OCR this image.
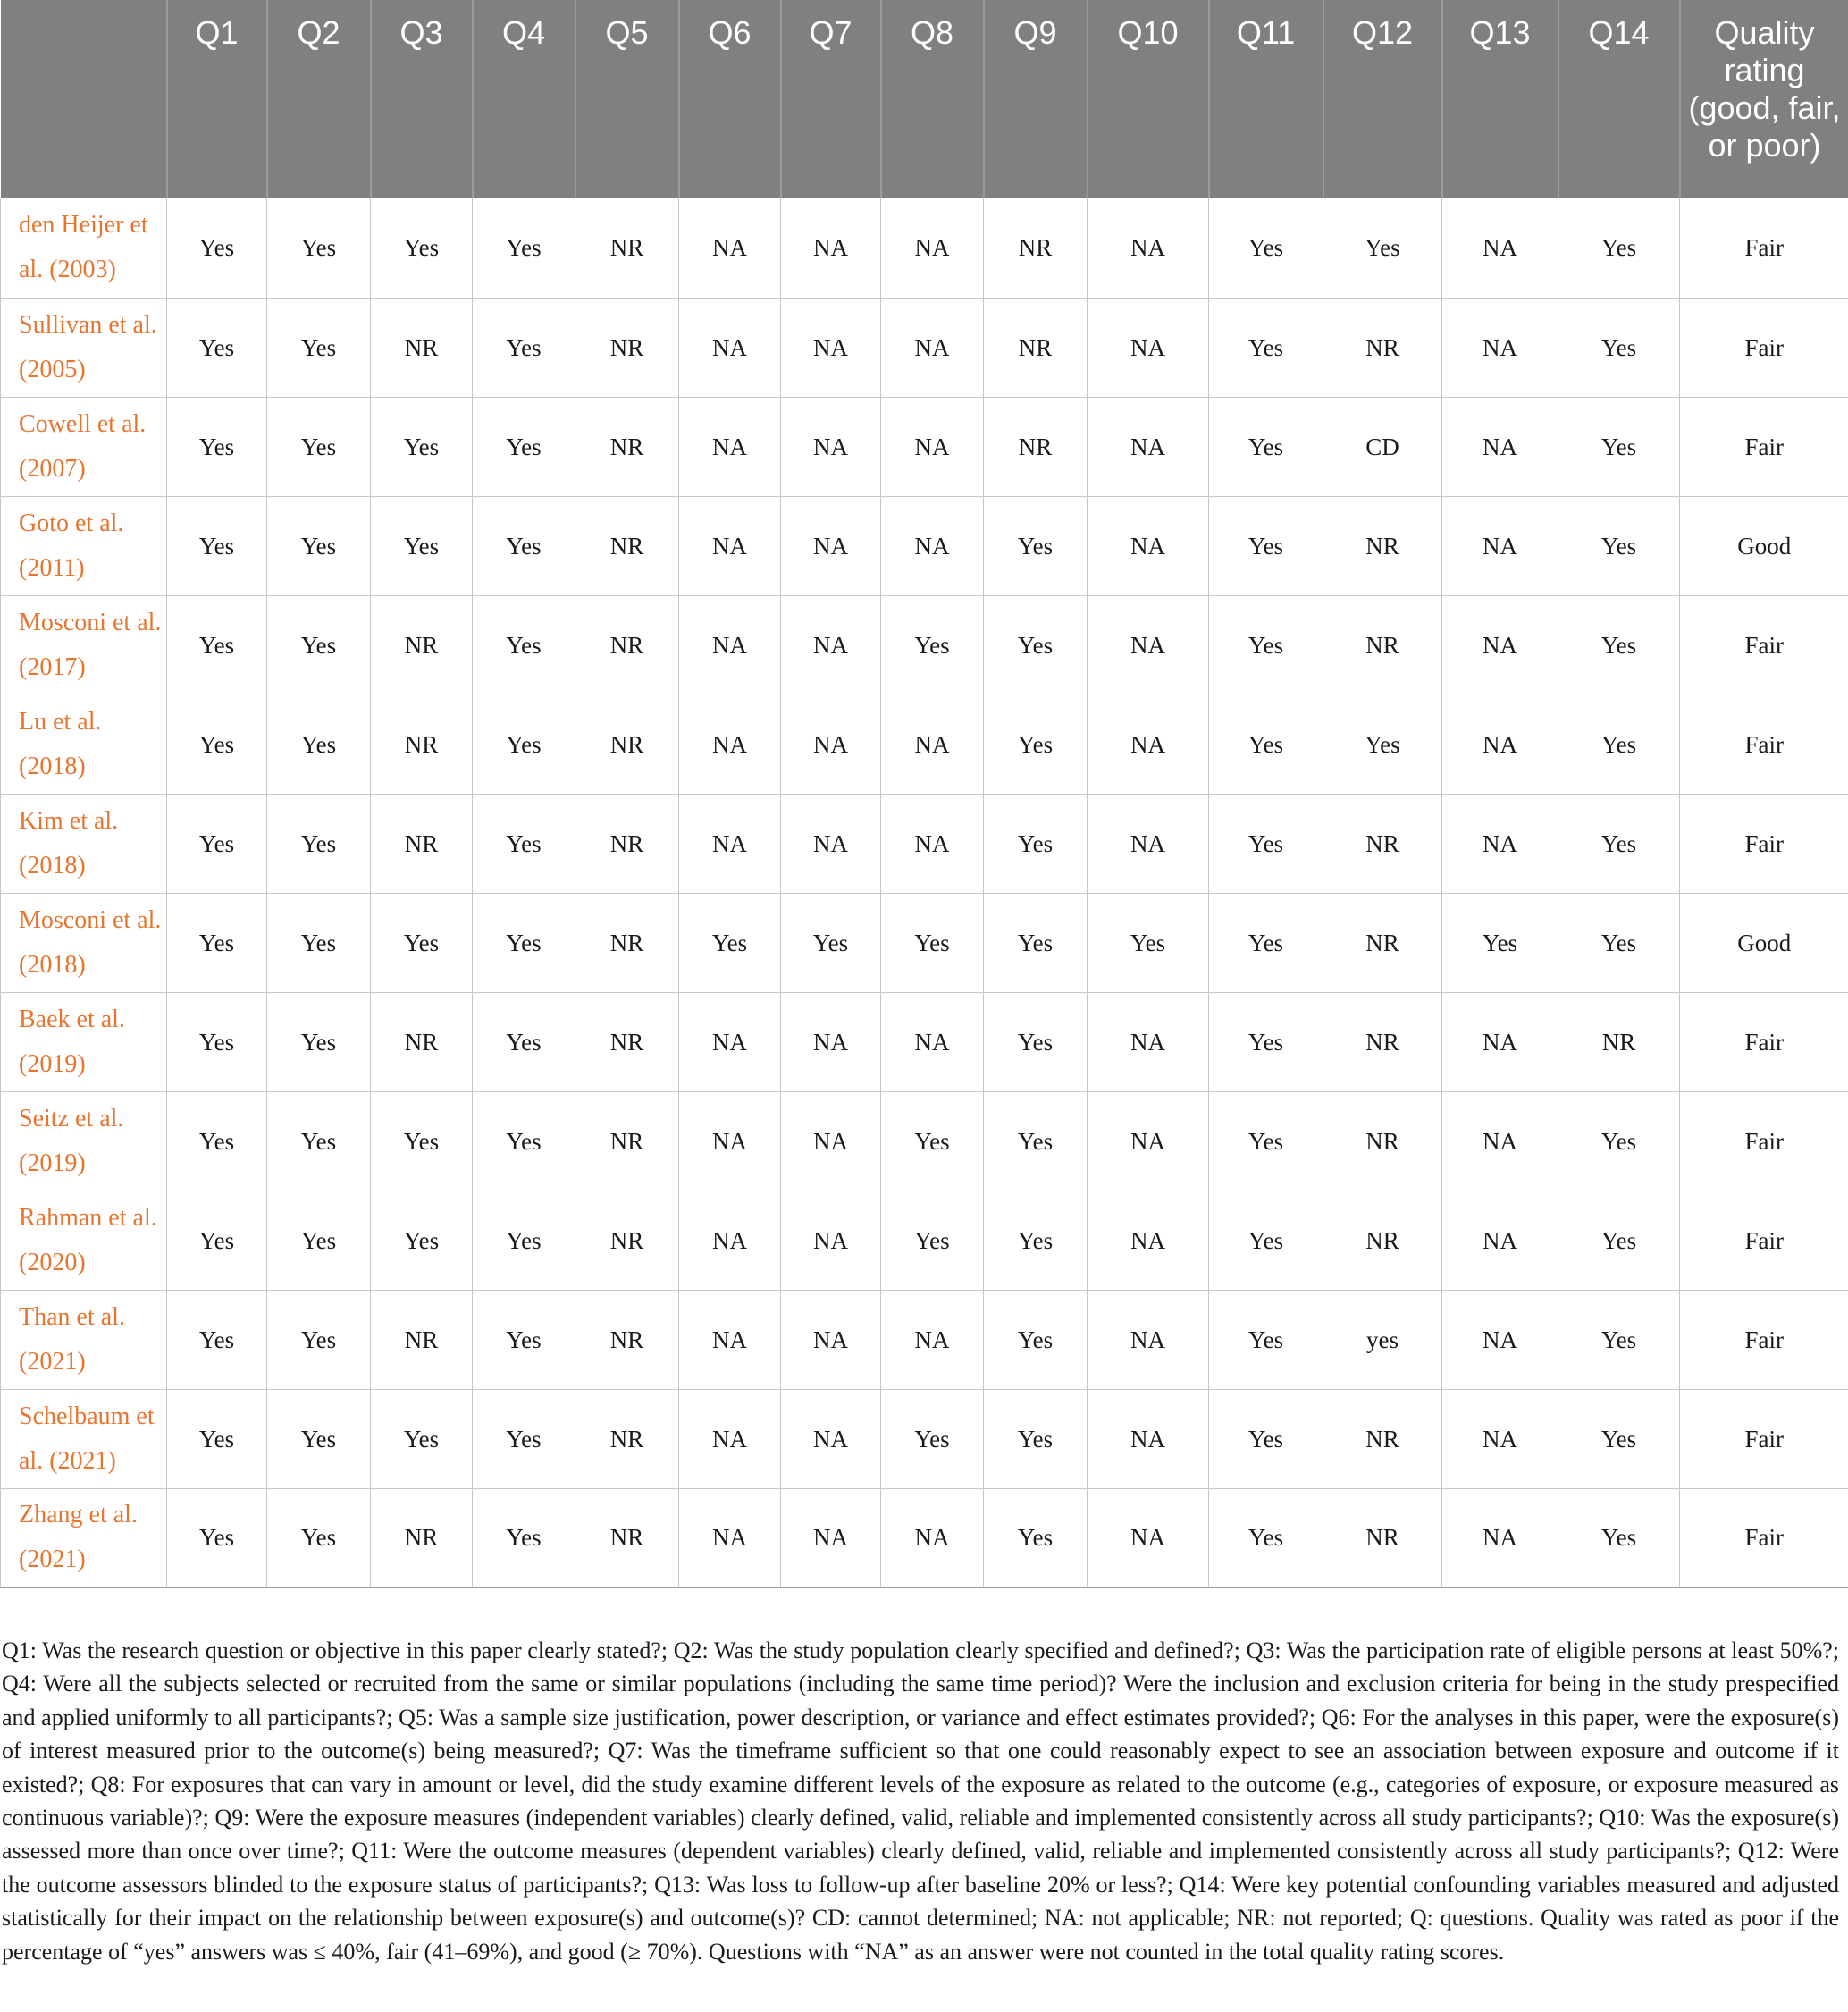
	Q1	Q2	Q3	Q4	Q5	Q6	Q7	Q8	Q9	Q10	Q11	Q12	Q13	Q14	Quality rating (good, fair, or poor)
den Heijer et al. (2003)	Yes	Yes	Yes	Yes	NR	NA	NA	NA	NR	NA	Yes	Yes	NA	Yes	Fair
Sullivan et al. (2005)	Yes	Yes	NR	Yes	NR	NA	NA	NA	NR	NA	Yes	NR	NA	Yes	Fair
Cowell et al. (2007)	Yes	Yes	Yes	Yes	NR	NA	NA	NA	NR	NA	Yes	CD	NA	Yes	Fair
Goto et al. (2011)	Yes	Yes	Yes	Yes	NR	NA	NA	NA	Yes	NA	Yes	NR	NA	Yes	Good
Mosconi et al. (2017)	Yes	Yes	NR	Yes	NR	NA	NA	Yes	Yes	NA	Yes	NR	NA	Yes	Fair
Lu et al. (2018)	Yes	Yes	NR	Yes	NR	NA	NA	NA	Yes	NA	Yes	Yes	NA	Yes	Fair
Kim et al. (2018)	Yes	Yes	NR	Yes	NR	NA	NA	NA	Yes	NA	Yes	NR	NA	Yes	Fair
Mosconi et al. (2018)	Yes	Yes	Yes	Yes	NR	Yes	Yes	Yes	Yes	Yes	Yes	NR	Yes	Yes	Good
Baek et al. (2019)	Yes	Yes	NR	Yes	NR	NA	NA	NA	Yes	NA	Yes	NR	NA	NR	Fair
Seitz et al. (2019)	Yes	Yes	Yes	Yes	NR	NA	NA	Yes	Yes	NA	Yes	NR	NA	Yes	Fair
Rahman et al. (2020)	Yes	Yes	Yes	Yes	NR	NA	NA	Yes	Yes	NA	Yes	NR	NA	Yes	Fair
Than et al. (2021)	Yes	Yes	NR	Yes	NR	NA	NA	NA	Yes	NA	Yes	yes	NA	Yes	Fair
Schelbaum et al. (2021)	Yes	Yes	Yes	Yes	NR	NA	NA	Yes	Yes	NA	Yes	NR	NA	Yes	Fair
Zhang et al. (2021)	Yes	Yes	NR	Yes	NR	NA	NA	NA	Yes	NA	Yes	NR	NA	Yes	Fair

Q1: Was the research question or objective in this paper clearly stated?; Q2: Was the study population clearly specified and defined?; Q3: Was the participation rate of eligible persons at least 50%?; Q4: Were all the subjects selected or recruited from the same or similar populations (including the same time period)? Were the inclusion and exclusion criteria for being in the study prespecified and applied uniformly to all participants?; Q5: Was a sample size justification, power description, or variance and effect estimates provided?; Q6: For the analyses in this paper, were the exposure(s) of interest measured prior to the outcome(s) being measured?; Q7: Was the timeframe sufficient so that one could reasonably expect to see an association between exposure and outcome if it existed?; Q8: For exposures that can vary in amount or level, did the study examine different levels of the exposure as related to the outcome (e.g., categories of exposure, or exposure measured as continuous variable)?; Q9: Were the exposure measures (independent variables) clearly defined, valid, reliable and implemented consistently across all study participants?; Q10: Was the exposure(s) assessed more than once over time?; Q11: Were the outcome measures (dependent variables) clearly defined, valid, reliable and implemented consistently across all study participants?; Q12: Were the outcome assessors blinded to the exposure status of participants?; Q13: Was loss to follow-up after baseline 20% or less?; Q14: Were key potential confounding variables measured and adjusted statistically for their impact on the relationship between exposure(s) and outcome(s)? CD: cannot determined; NA: not applicable; NR: not reported; Q: questions. Quality was rated as poor if the percentage of “yes” answers was ≤ 40%, fair (41–69%), and good (≥ 70%). Questions with “NA” as an answer were not counted in the total quality rating scores.
